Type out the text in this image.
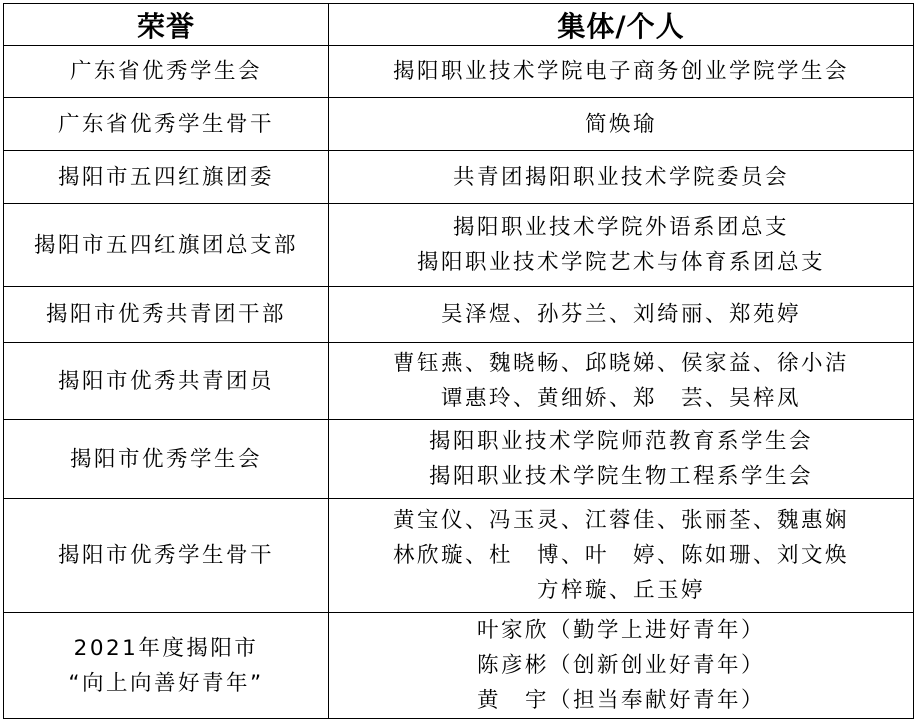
荣誉	集体/个人

广东省优秀学生会	揭阳职业技术学院电子商务创业学院学生会

广东省优秀学生骨干	简焕瑜

揭阳市五四红旗团委	共青团揭阳职业技术学院委员会

揭阳市五四红旗团总支部	揭阳职业技术学院外语系团总支
揭阳职业技术学院艺术与体育系团总支

揭阳市优秀共青团干部	吴泽煜、孙芬兰、刘绮丽、郑苑婷

揭阳市优秀共青团员	曹钰燕、魏晓畅、邱晓娣、侯家益、徐小洁
谭惠玲、黄细娇、郑　芸、吴梓凤

揭阳市优秀学生会	揭阳职业技术学院师范教育系学生会
揭阳职业技术学院生物工程系学生会

揭阳市优秀学生骨干	黄宝仪、冯玉灵、江蓉佳、张丽荃、魏惠娴
林欣璇、杜　博、叶　婷、陈如珊、刘文焕
方梓璇、丘玉婷

2021年度揭阳市
“向上向善好青年”	叶家欣（勤学上进好青年）
陈彦彬（创新创业好青年）
黄　宇（担当奉献好青年）
